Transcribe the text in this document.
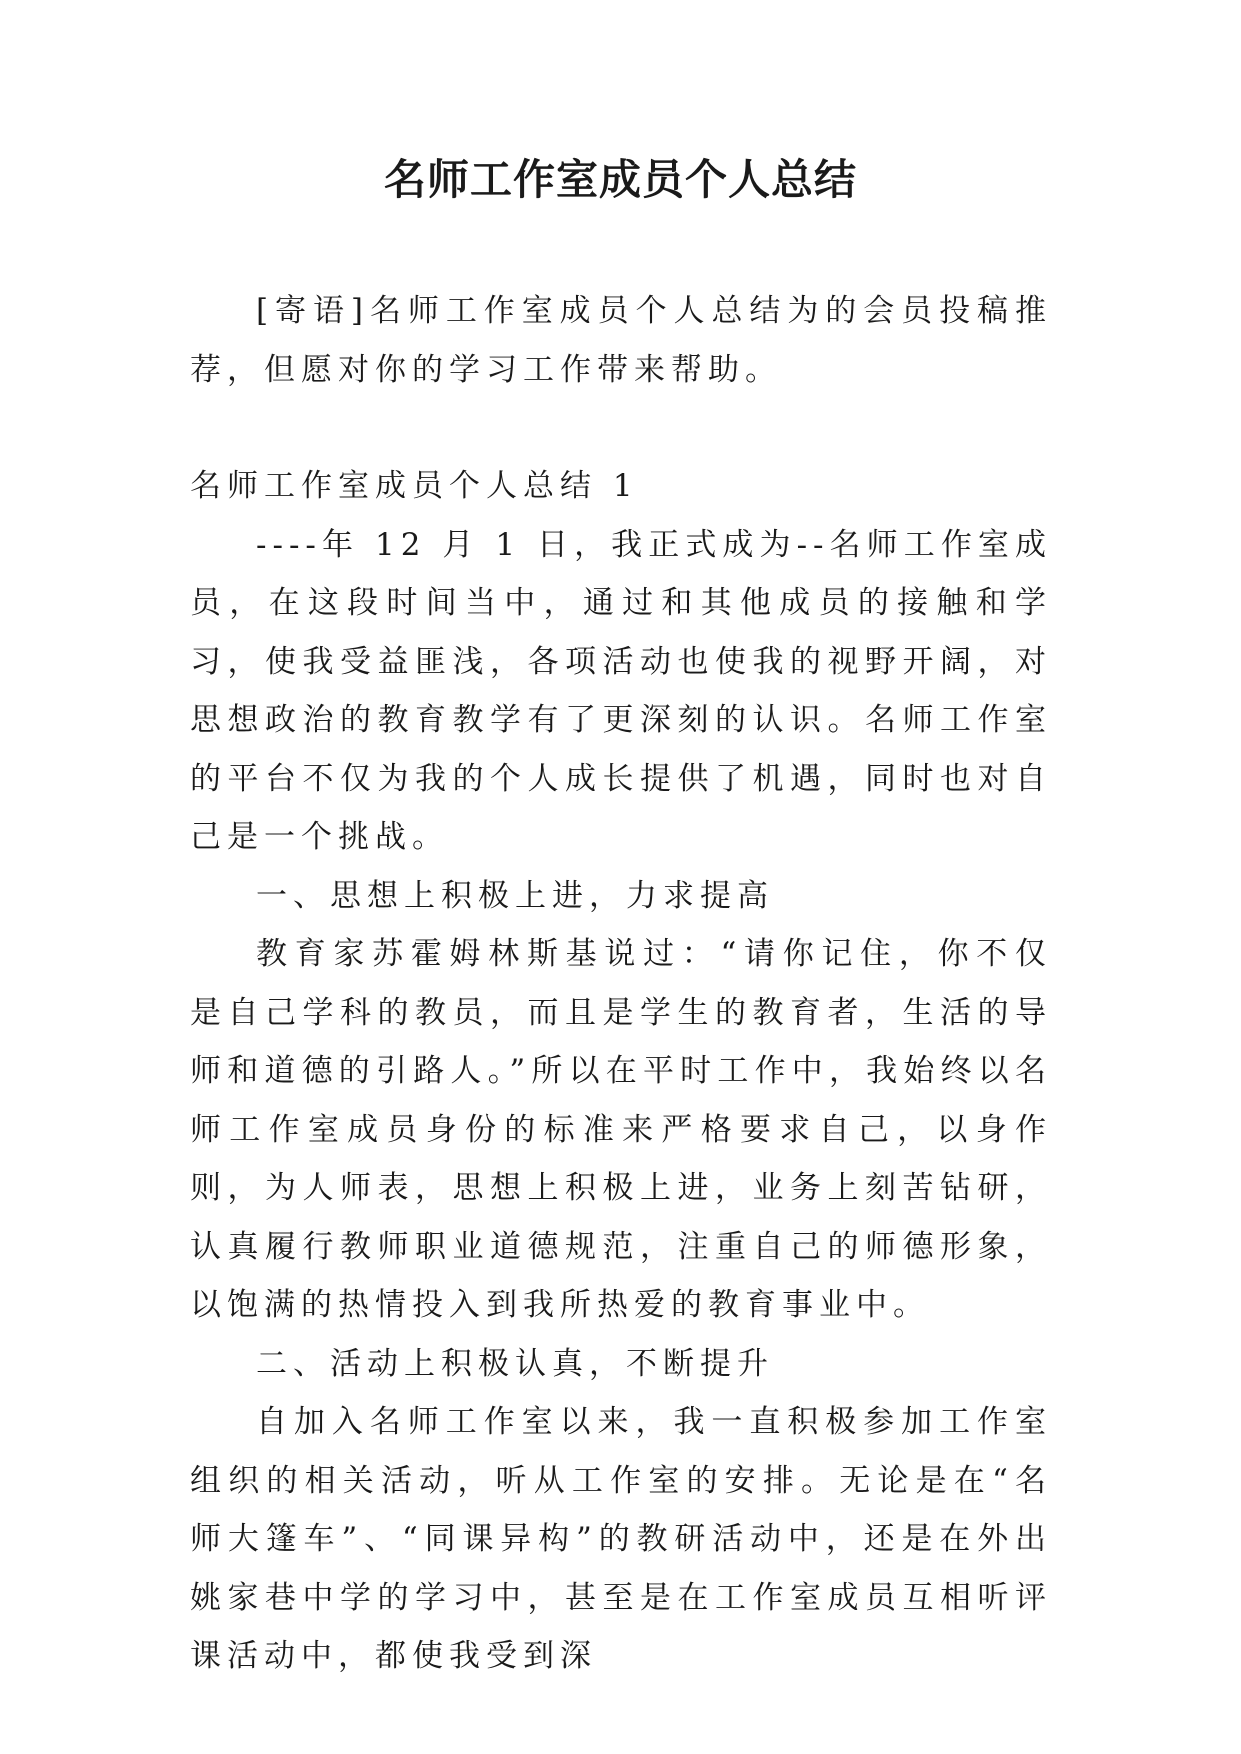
名师工作室成员个人总结

[寄语]名师工作室成员个人总结为的会员投稿推荐，但愿对你的学习工作带来帮助。

名师工作室成员个人总结 1

----年 12 月 1 日，我正式成为--名师工作室成员，在这段时间当中，通过和其他成员的接触和学习，使我受益匪浅，各项活动也使我的视野开阔，对思想政治的教育教学有了更深刻的认识。名师工作室的平台不仅为我的个人成长提供了机遇，同时也对自己是一个挑战。

一、思想上积极上进，力求提高

教育家苏霍姆林斯基说过：“请你记住，你不仅是自己学科的教员，而且是学生的教育者，生活的导师和道德的引路人。”所以在平时工作中，我始终以名师工作室成员身份的标准来严格要求自己，以身作则，为人师表，思想上积极上进，业务上刻苦钻研，认真履行教师职业道德规范，注重自己的师德形象，以饱满的热情投入到我所热爱的教育事业中。

二、活动上积极认真，不断提升

自加入名师工作室以来，我一直积极参加工作室组织的相关活动，听从工作室的安排。无论是在“名师大篷车”、“同课异构”的教研活动中，还是在外出姚家巷中学的学习中，甚至是在工作室成员互相听评课活动中，都使我受到深
